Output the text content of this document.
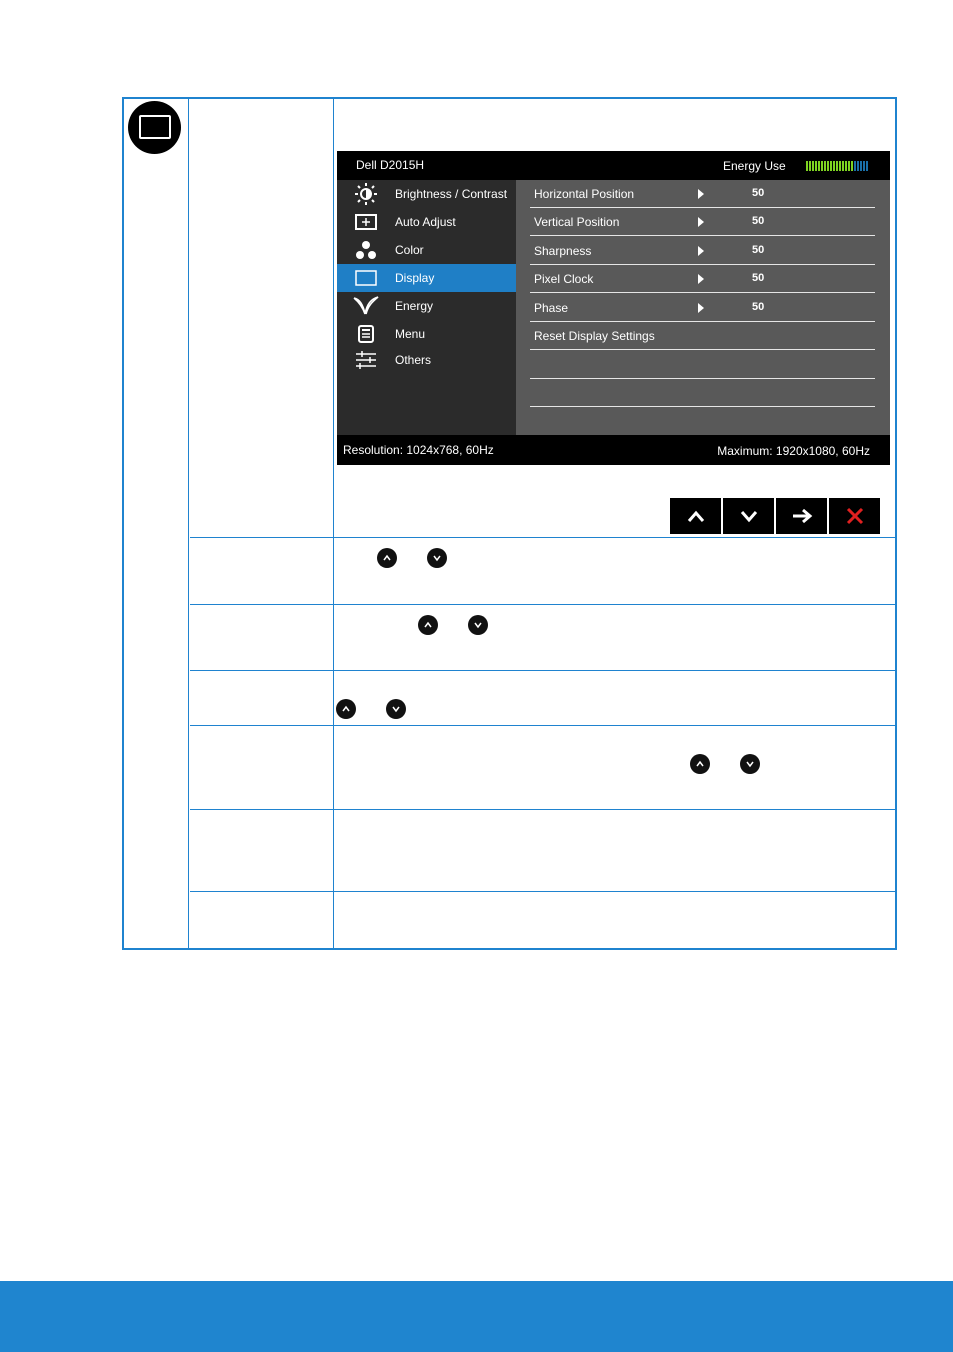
Dell D2015H	Energy Use
Brightness / Contrast
Auto Adjust
Color
Display
Energy
Menu
Others
Horizontal Position	50
Vertical Position	50
Sharpness	50
Pixel Clock	50
Phase	50
Reset Display Settings
Resolution: 1024x768, 60Hz	Maximum: 1920x1080, 60Hz
